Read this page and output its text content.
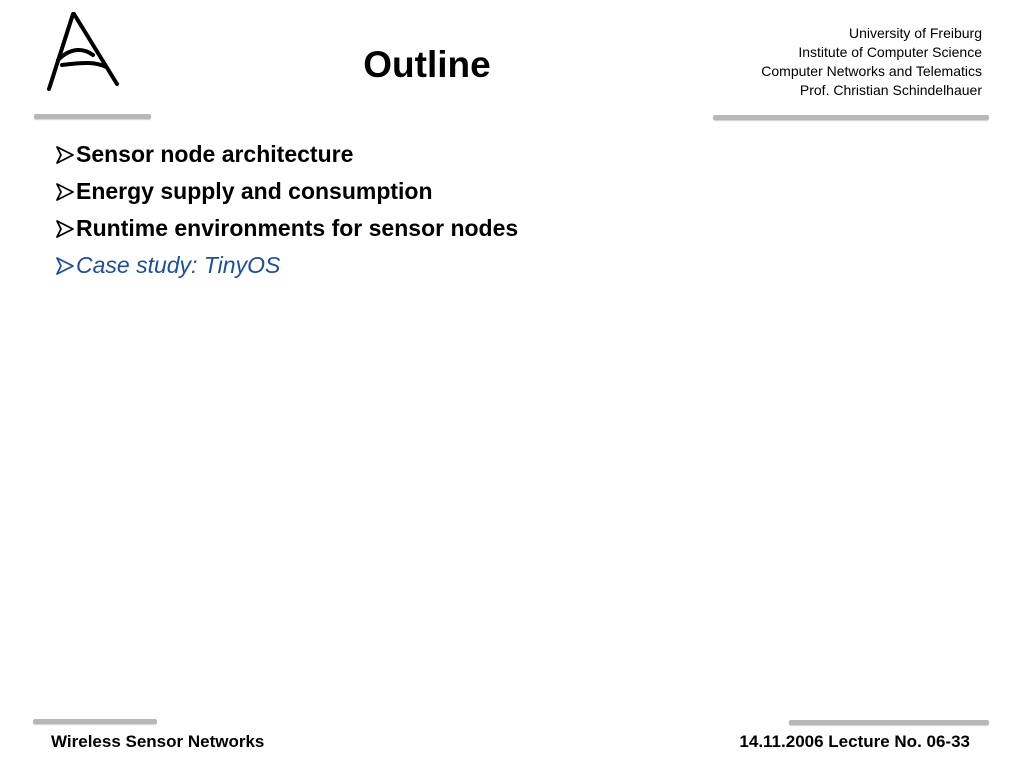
Outline
University of Freiburg
Institute of Computer Science
Computer Networks and Telematics
Prof. Christian Schindelhauer
Sensor node architecture
Energy supply and consumption
Runtime environments for sensor nodes
Case study: TinyOS
Wireless Sensor Networks	14.11.2006 Lecture No. 06-33
